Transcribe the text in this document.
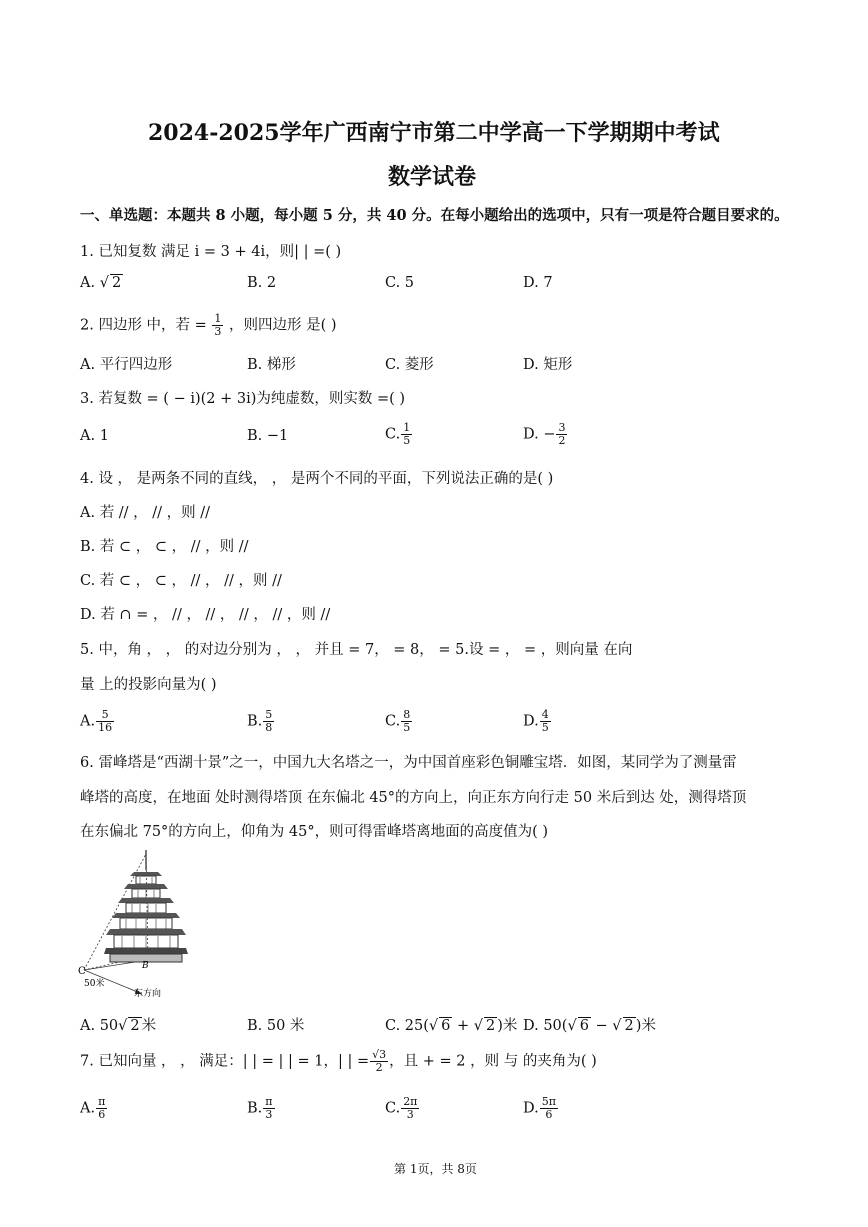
2024-2025学年广西南宁市第二中学高一下学期期中考试
数学试卷
一、单选题：本题共 8 小题，每小题 5 分，共 40 分。在每小题给出的选项中，只有一项是符合题目要求的。
1. 已知复数 满足 i = 3 + 4i，则| | =( )
A. √ 2	B. 2	C. 5	D. 7
2. 四边形 中，若 = $\frac{1}{3}$ ，则四边形 是( )
A. 平行四边形	B. 梯形	C. 菱形	D. 矩形
3. 若复数 = ( − i)(2 + 3i)为纯虚数，则实数 =( )
A. 1	B. −1	C. $\frac{1}{5}$	D. − $\frac{3}{2}$
4. 设 ， 是两条不同的直线， ， 是两个不同的平面，下列说法正确的是( )
A. 若 // ， // ，则 //
B. 若 ⊂ ， ⊂ ， // ，则 //
C. 若 ⊂ ， ⊂ ， // ， // ，则 //
D. 若 ∩ = ， // ， // ， // ， // ，则 //
5. 中，角 ， ， 的对边分别为 ， ， 并且 = 7， = 8， = 5.设 = ， = ，则向量 在向
量 上的投影向量为( )
A. $\frac{5}{16}$	B. $\frac{5}{8}$	C. $\frac{8}{5}$	D. $\frac{4}{5}$
6. 雷峰塔是“西湖十景”之一，中国九大名塔之一，为中国首座彩色铜雕宝塔．如图，某同学为了测量雷
峰塔的高度，在地面 处时测得塔顶 在东偏北 45°的方向上，向正东方向行走 50 米后到达 处，测得塔顶
在东偏北 75°的方向上，仰角为 45°，则可得雷峰塔离地面的高度值为( )
C	B
50米
东方向
A. 50√ 2 米	B. 50 米	C. 25(√ 6 + √ 2 )米 D. 50(√ 6 − √ 2 )米
7. 已知向量 ， ， 满足：| | = | | = 1，| | = $\frac{√3}{2}$ ，且 + = 2 ，则 与 的夹角为( )
A. $\frac{\pi}{6}$	B. $\frac{\pi}{3}$	C. $\frac{2\pi}{3}$	D. $\frac{5\pi}{6}$
第 1页，共 8页
